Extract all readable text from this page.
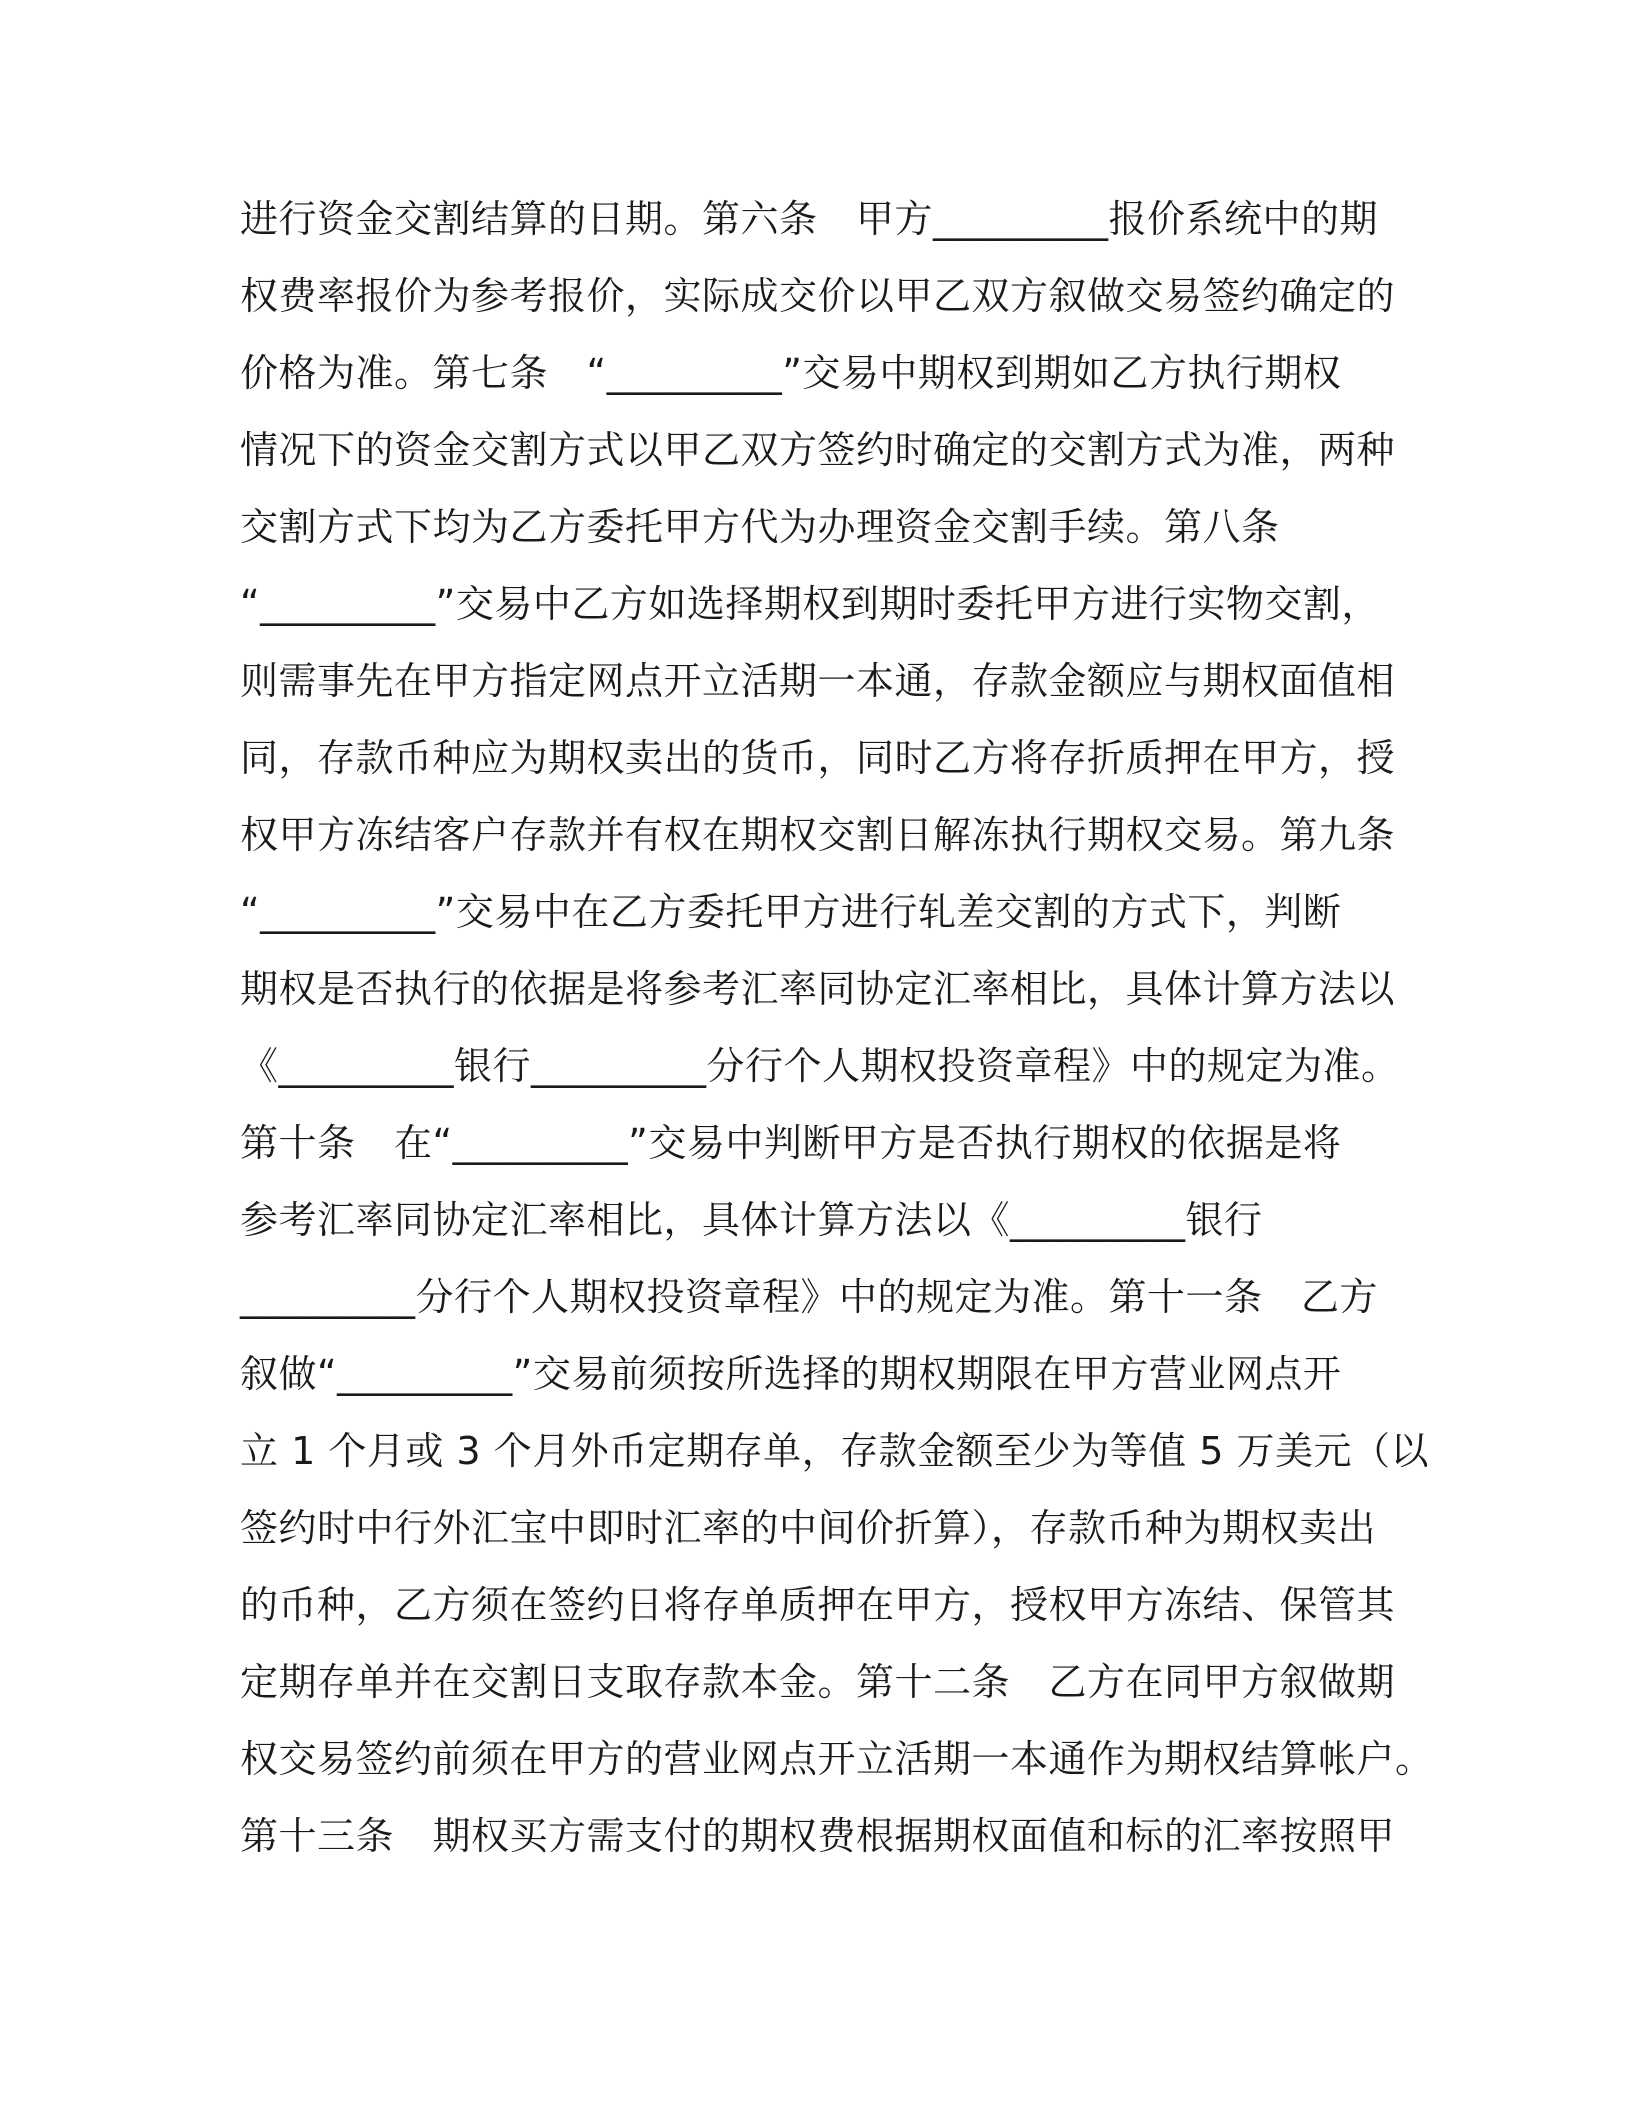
进行资金交割结算的日期。第六条　甲方_________报价系统中的期
权费率报价为参考报价，实际成交价以甲乙双方叙做交易签约确定的
价格为准。第七条　“_________”交易中期权到期如乙方执行期权
情况下的资金交割方式以甲乙双方签约时确定的交割方式为准，两种
交割方式下均为乙方委托甲方代为办理资金交割手续。第八条
“_________”交易中乙方如选择期权到期时委托甲方进行实物交割，
则需事先在甲方指定网点开立活期一本通，存款金额应与期权面值相
同，存款币种应为期权卖出的货币，同时乙方将存折质押在甲方，授
权甲方冻结客户存款并有权在期权交割日解冻执行期权交易。第九条
“_________”交易中在乙方委托甲方进行轧差交割的方式下，判断
期权是否执行的依据是将参考汇率同协定汇率相比，具体计算方法以
《_________银行_________分行个人期权投资章程》中的规定为准。
第十条　在“_________”交易中判断甲方是否执行期权的依据是将
参考汇率同协定汇率相比，具体计算方法以《_________银行
_________分行个人期权投资章程》中的规定为准。第十一条　乙方
叙做“_________”交易前须按所选择的期权期限在甲方营业网点开
立 1 个月或 3 个月外币定期存单，存款金额至少为等值 5 万美元（以
签约时中行外汇宝中即时汇率的中间价折算），存款币种为期权卖出
的币种，乙方须在签约日将存单质押在甲方，授权甲方冻结、保管其
定期存单并在交割日支取存款本金。第十二条　乙方在同甲方叙做期
权交易签约前须在甲方的营业网点开立活期一本通作为期权结算帐户。
第十三条　期权买方需支付的期权费根据期权面值和标的汇率按照甲
